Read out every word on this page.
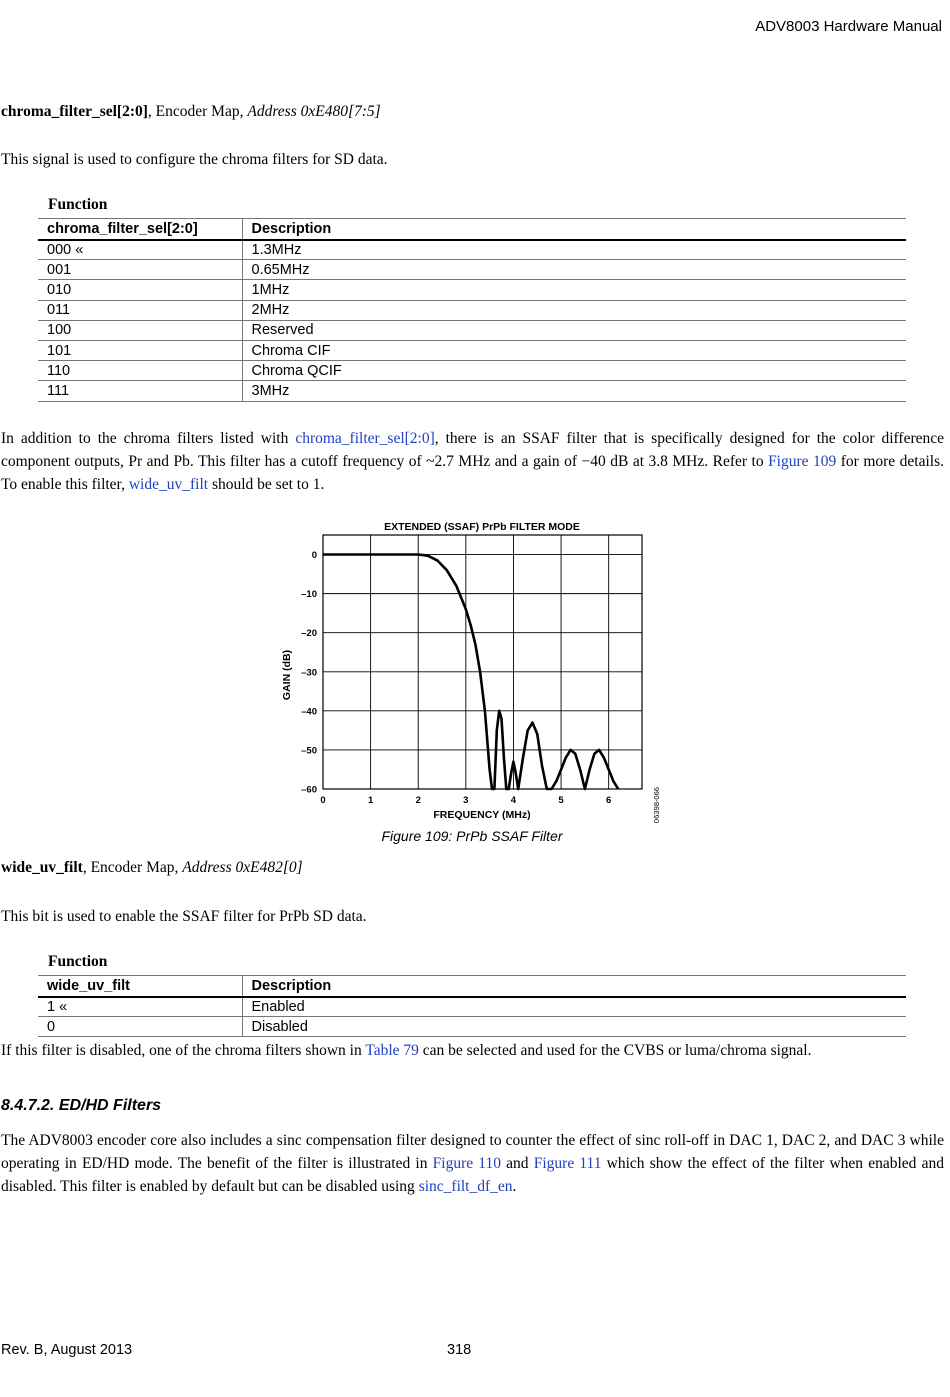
ADV8003 Hardware Manual
chroma_filter_sel[2:0], Encoder Map, Address 0xE480[7:5]
This signal is used to configure the chroma filters for SD data.
Function
chroma_filter_sel[2:0]	Description
000 «	1.3MHz
001	0.65MHz
010	1MHz
011	2MHz
100	Reserved
101	Chroma CIF
110	Chroma QCIF
111	3MHz
In addition to the chroma filters listed with chroma_filter_sel[2:0], there is an SSAF filter that is specifically designed for the color difference component outputs, Pr and Pb. This filter has a cutoff frequency of ~2.7 MHz and a gain of −40 dB at 3.8 MHz. Refer to Figure 109 for more details. To enable this filter, wide_uv_filt should be set to 1.
EXTENDED (SSAF) PrPb FILTER MODE
0
–10
–20
–30
–40
–50
–60
0	1	2	3	4	5	6
FREQUENCY (MHz)
GAIN (dB)
06398-066
Figure 109: PrPb SSAF Filter
wide_uv_filt, Encoder Map, Address 0xE482[0]
This bit is used to enable the SSAF filter for PrPb SD data.
Function
wide_uv_filt	Description
1 «	Enabled
0	Disabled
If this filter is disabled, one of the chroma filters shown in Table 79 can be selected and used for the CVBS or luma/chroma signal.
8.4.7.2. ED/HD Filters
The ADV8003 encoder core also includes a sinc compensation filter designed to counter the effect of sinc roll-off in DAC 1, DAC 2, and DAC 3 while operating in ED/HD mode. The benefit of the filter is illustrated in Figure 110 and Figure 111 which show the effect of the filter when enabled and disabled. This filter is enabled by default but can be disabled using sinc_filt_df_en.
Rev. B, August 2013	318
